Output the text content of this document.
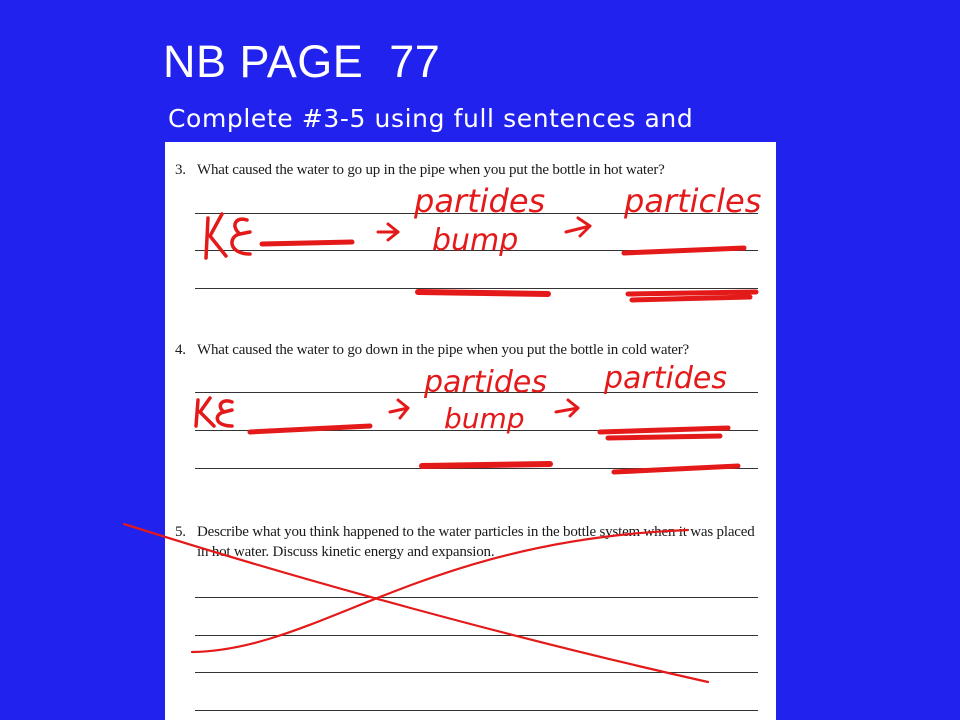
NB PAGE  77
Complete #3-5 using full sentences and
3. What caused the water to go up in the pipe when you put the bottle in hot water?
4. What caused the water to go down in the pipe when you put the bottle in cold water?
5. Describe what you think happened to the water particles in the bottle system when it was placed in hot water. Discuss kinetic energy and expansion.
partides
bump
particles
partides
bump
partides
